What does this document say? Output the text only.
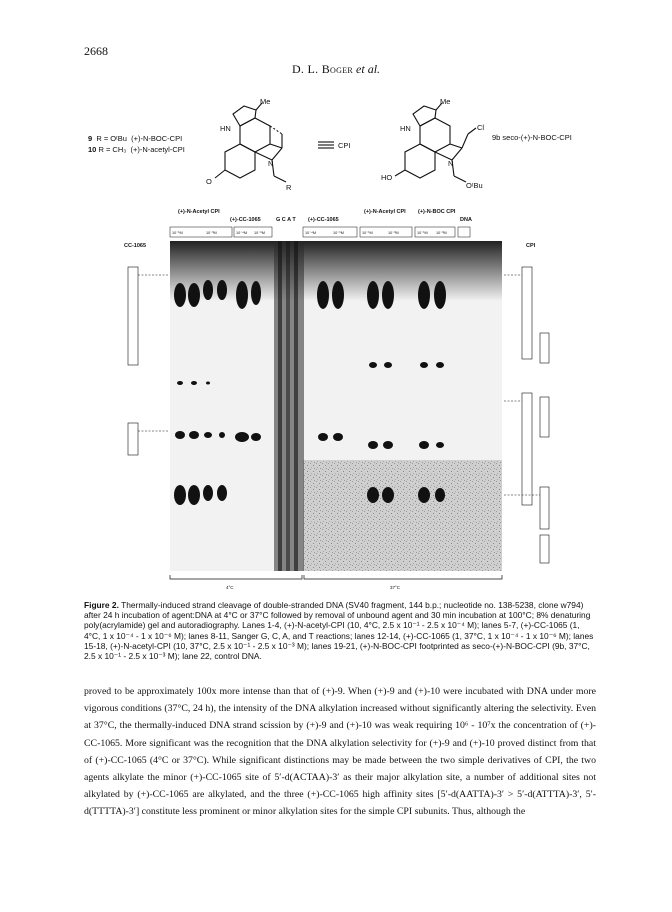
2668
D. L. Boger et al.
9 R = OᵗBu (+)-N-BOC-CPI
10 R = CH₃ (+)-N-acetyl-CPI
Me
HN
O
N
R
CPI
Me
HN
HO
N
Cl
OᵗBu
9b seco-(+)-N-BOC-CPI
(+)-N-Acetyl CPI
(+)-CC-1065	G C A T (+)-CC-1065
(+)-N-Acetyl CPI (+)-N-BOC CPI
DNA
CC-1065	CPI
10⁻¹M	10⁻³M	10⁻⁴M 10⁻⁶M	10⁻⁴M	10⁻⁶M	10⁻¹M	10⁻³M	10⁻¹M 10⁻³M
4°C	37°C
Figure 2. Thermally-induced strand cleavage of double-stranded DNA (SV40 fragment, 144 b.p.; nucleotide no. 138-5238, clone w794) after 24 h incubation of agent:DNA at 4°C or 37°C followed by removal of unbound agent and 30 min incubation at 100°C; 8% denaturing poly(acrylamide) gel and autoradiography. Lanes 1-4, (+)-N-acetyl-CPI (10, 4°C, 2.5 x 10⁻¹ - 2.5 x 10⁻⁴ M); lanes 5-7, (+)-CC-1065 (1, 4°C, 1 x 10⁻⁴ - 1 x 10⁻⁶ M); lanes 8-11, Sanger G, C, A, and T reactions; lanes 12-14, (+)-CC-1065 (1, 37°C, 1 x 10⁻⁴ - 1 x 10⁻⁶ M); lanes 15-18, (+)-N-acetyl-CPI (10, 37°C, 2.5 x 10⁻¹ - 2.5 x 10⁻³ M); lanes 19-21, (+)-N-BOC-CPI footprinted as seco-(+)-N-BOC-CPI (9b, 37°C, 2.5 x 10⁻¹ - 2.5 x 10⁻³ M); lane 22, control DNA.

proved to be approximately 100x more intense than that of (+)-9. When (+)-9 and (+)-10 were incubated with DNA under more vigorous conditions (37°C, 24 h), the intensity of the DNA alkylation increased without significantly altering the selectivity. Even at 37°C, the thermally-induced DNA strand scission by (+)-9 and (+)-10 was weak requiring 10⁶ - 10⁷x the concentration of (+)-CC-1065. More significant was the recognition that the DNA alkylation selectivity for (+)-9 and (+)-10 proved distinct from that of (+)-CC-1065 (4°C or 37°C). While significant distinctions may be made between the two simple derivatives of CPI, the two agents alkylate the minor (+)-CC-1065 site of 5′-d(ACTAA)-3′ as their major alkylation site, a number of additional sites not alkylated by (+)-CC-1065 are alkylated, and the three (+)-CC-1065 high affinity sites [5′-d(AATTA)-3′ > 5′-d(ATTTA)-3′, 5′-d(TTTTA)-3′] constitute less prominent or minor alkylation sites for the simple CPI subunits. Thus, although the
